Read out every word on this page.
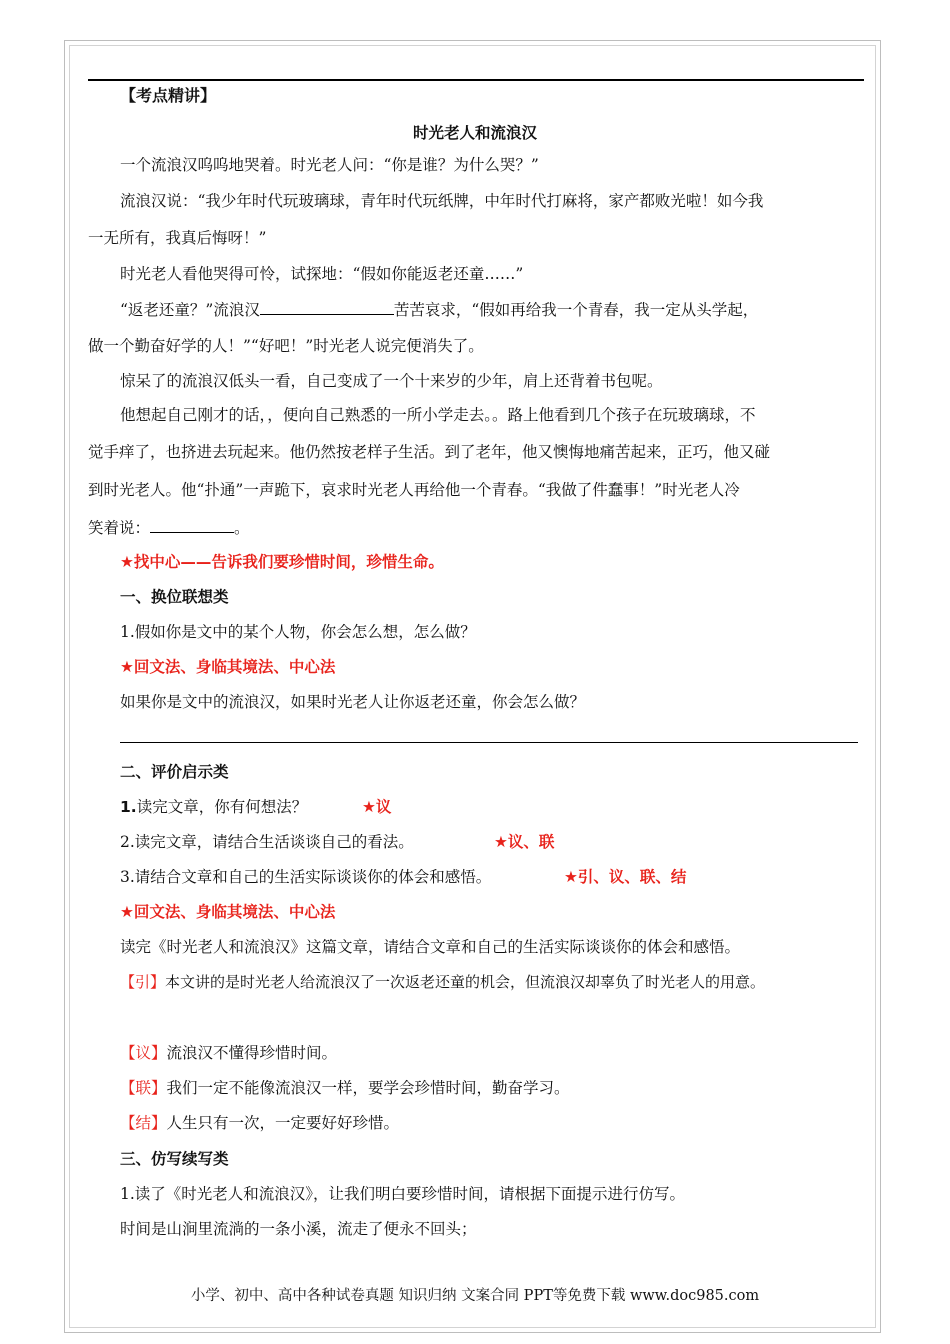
【考点精讲】
时光老人和流浪汉
一个流浪汉呜呜地哭着。时光老人问：“你是谁？为什么哭？”
流浪汉说：“我少年时代玩玻璃球，青年时代玩纸牌，中年时代打麻将，家产都败光啦！如今我
一无所有，我真后悔呀！”
时光老人看他哭得可怜，试探地：“假如你能返老还童……”
“返老还童？”流浪汉	苦苦哀求，“假如再给我一个青春，我一定从头学起，
做一个勤奋好学的人！”“好吧！”时光老人说完便消失了。
惊呆了的流浪汉低头一看，自己变成了一个十来岁的少年，肩上还背着书包呢。
他想起自己刚才的话，，便向自己熟悉的一所小学走去。。路上他看到几个孩子在玩玻璃球，不
觉手痒了，也挤进去玩起来。他仍然按老样子生活。到了老年，他又懊悔地痛苦起来，正巧，他又碰
到时光老人。他“扑通”一声跪下，哀求时光老人再给他一个青春。“我做了件蠢事！”时光老人冷
笑着说：	。
★找中心——告诉我们要珍惜时间，珍惜生命。
一、换位联想类
1.假如你是文中的某个人物，你会怎么想，怎么做？
★回文法、身临其境法、中心法
如果你是文中的流浪汉，如果时光老人让你返老还童，你会怎么做？
二、评价启示类
1.读完文章，你有何想法？	★议
2.读完文章，请结合生活谈谈自己的看法。	★议、联
3.请结合文章和自己的生活实际谈谈你的体会和感悟。	★引、议、联、结
★回文法、身临其境法、中心法
读完《时光老人和流浪汉》这篇文章，请结合文章和自己的生活实际谈谈你的体会和感悟。
【引】本文讲的是时光老人给流浪汉了一次返老还童的机会，但流浪汉却辜负了时光老人的用意。
【议】流浪汉不懂得珍惜时间。
【联】我们一定不能像流浪汉一样，要学会珍惜时间，勤奋学习。
【结】人生只有一次，一定要好好珍惜。
三、仿写续写类
1.读了《时光老人和流浪汉》，让我们明白要珍惜时间，请根据下面提示进行仿写。
时间是山涧里流淌的一条小溪，流走了便永不回头；
小学、初中、高中各种试卷真题 知识归纳 文案合同 PPT等免费下载 www.doc985.com
